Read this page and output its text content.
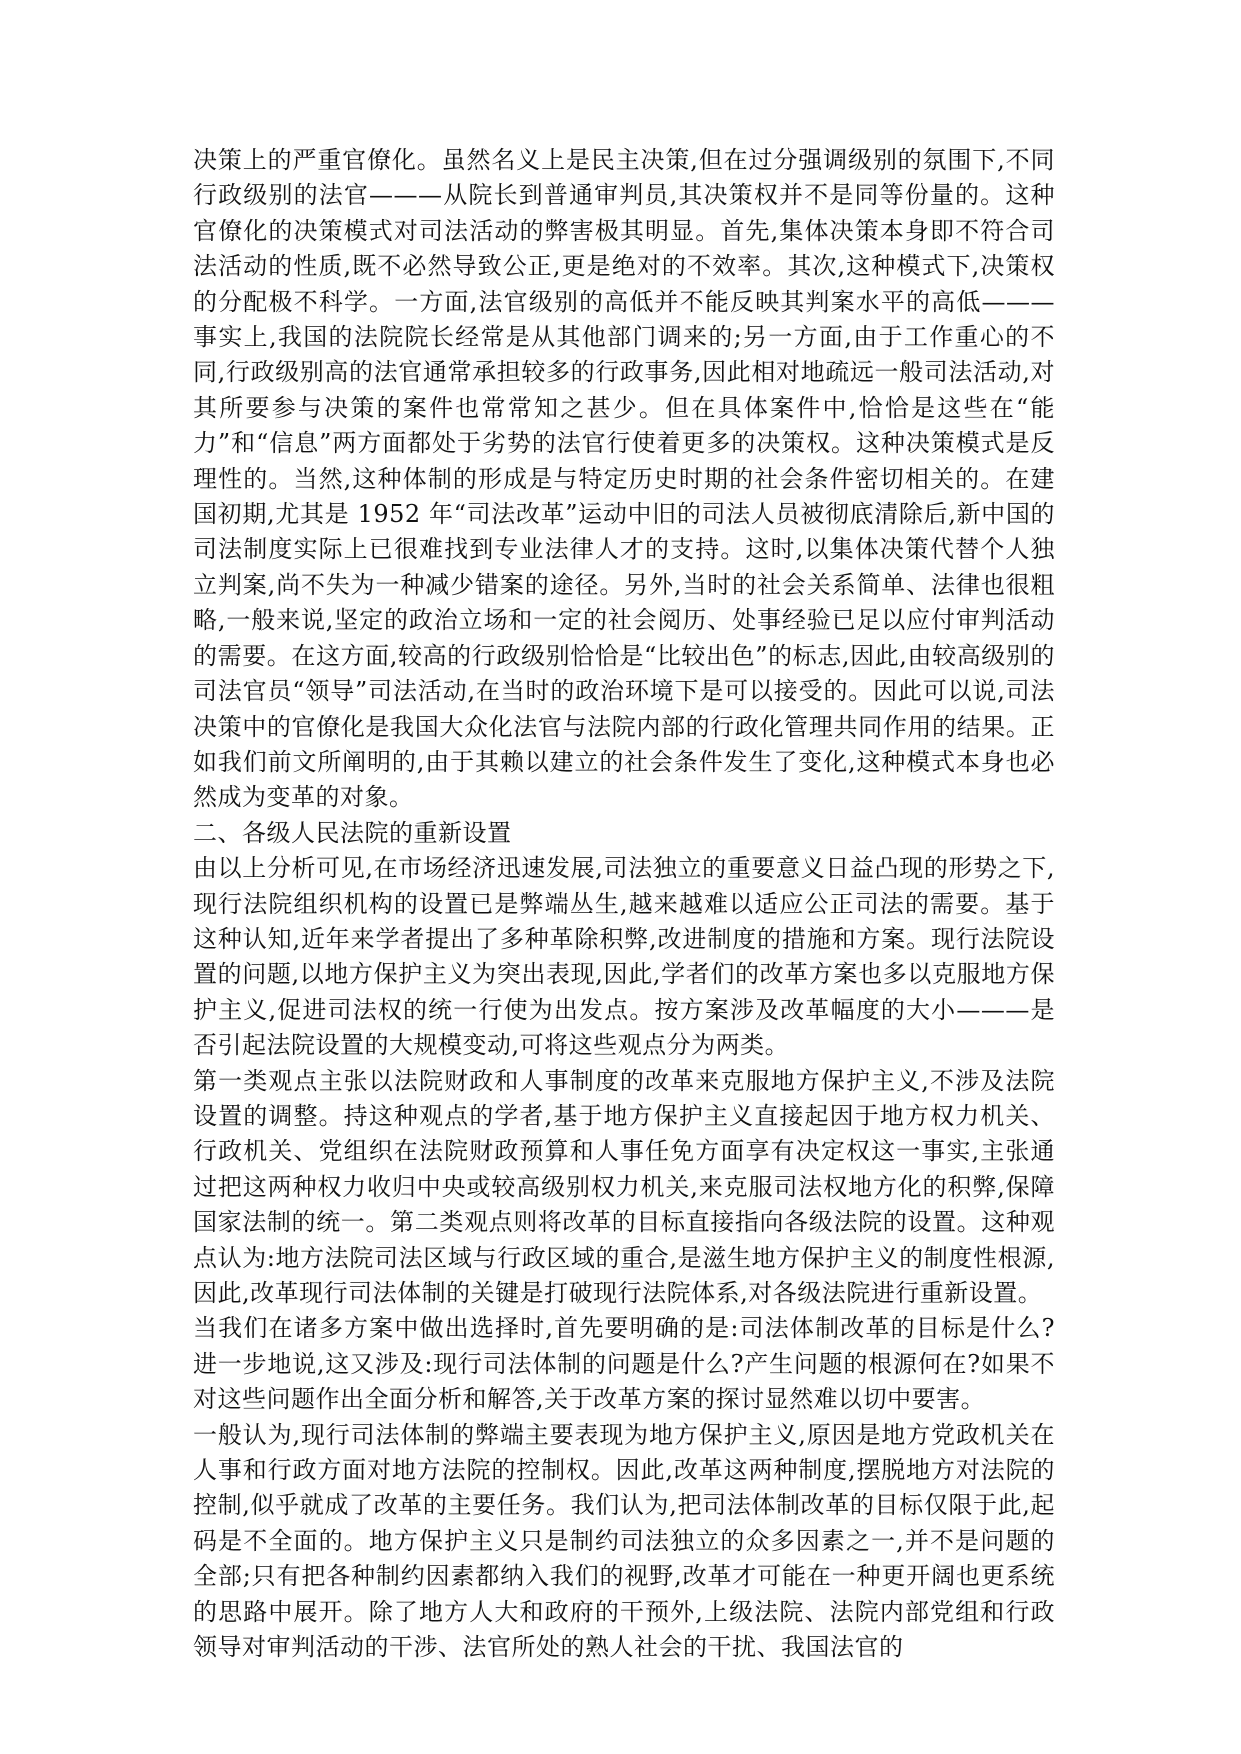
决策上的严重官僚化。虽然名义上是民主决策,但在过分强调级别的氛围下,不同行政级别的法官———从院长到普通审判员,其决策权并不是同等份量的。这种官僚化的决策模式对司法活动的弊害极其明显。首先,集体决策本身即不符合司法活动的性质,既不必然导致公正,更是绝对的不效率。其次,这种模式下,决策权的分配极不科学。一方面,法官级别的高低并不能反映其判案水平的高低———事实上,我国的法院院长经常是从其他部门调来的;另一方面,由于工作重心的不同,行政级别高的法官通常承担较多的行政事务,因此相对地疏远一般司法活动,对其所要参与决策的案件也常常知之甚少。但在具体案件中,恰恰是这些在“能力”和“信息”两方面都处于劣势的法官行使着更多的决策权。这种决策模式是反理性的。当然,这种体制的形成是与特定历史时期的社会条件密切相关的。在建国初期,尤其是 1952 年“司法改革”运动中旧的司法人员被彻底清除后,新中国的司法制度实际上已很难找到专业法律人才的支持。这时,以集体决策代替个人独立判案,尚不失为一种减少错案的途径。另外,当时的社会关系简单、法律也很粗略,一般来说,坚定的政治立场和一定的社会阅历、处事经验已足以应付审判活动的需要。在这方面,较高的行政级别恰恰是“比较出色”的标志,因此,由较高级别的司法官员“领导”司法活动,在当时的政治环境下是可以接受的。因此可以说,司法决策中的官僚化是我国大众化法官与法院内部的行政化管理共同作用的结果。正如我们前文所阐明的,由于其赖以建立的社会条件发生了变化,这种模式本身也必然成为变革的对象。

二、各级人民法院的重新设置

由以上分析可见,在市场经济迅速发展,司法独立的重要意义日益凸现的形势之下,现行法院组织机构的设置已是弊端丛生,越来越难以适应公正司法的需要。基于这种认知,近年来学者提出了多种革除积弊,改进制度的措施和方案。现行法院设置的问题,以地方保护主义为突出表现,因此,学者们的改革方案也多以克服地方保护主义,促进司法权的统一行使为出发点。按方案涉及改革幅度的大小———是否引起法院设置的大规模变动,可将这些观点分为两类。

第一类观点主张以法院财政和人事制度的改革来克服地方保护主义,不涉及法院设置的调整。持这种观点的学者,基于地方保护主义直接起因于地方权力机关、行政机关、党组织在法院财政预算和人事任免方面享有决定权这一事实,主张通过把这两种权力收归中央或较高级别权力机关,来克服司法权地方化的积弊,保障国家法制的统一。第二类观点则将改革的目标直接指向各级法院的设置。这种观点认为:地方法院司法区域与行政区域的重合,是滋生地方保护主义的制度性根源,因此,改革现行司法体制的关键是打破现行法院体系,对各级法院进行重新设置。

当我们在诸多方案中做出选择时,首先要明确的是:司法体制改革的目标是什么?进一步地说,这又涉及:现行司法体制的问题是什么?产生问题的根源何在?如果不对这些问题作出全面分析和解答,关于改革方案的探讨显然难以切中要害。

一般认为,现行司法体制的弊端主要表现为地方保护主义,原因是地方党政机关在人事和行政方面对地方法院的控制权。因此,改革这两种制度,摆脱地方对法院的控制,似乎就成了改革的主要任务。我们认为,把司法体制改革的目标仅限于此,起码是不全面的。地方保护主义只是制约司法独立的众多因素之一,并不是问题的全部;只有把各种制约因素都纳入我们的视野,改革才可能在一种更开阔也更系统的思路中展开。除了地方人大和政府的干预外,上级法院、法院内部党组和行政领导对审判活动的干涉、法官所处的熟人社会的干扰、我国法官的
